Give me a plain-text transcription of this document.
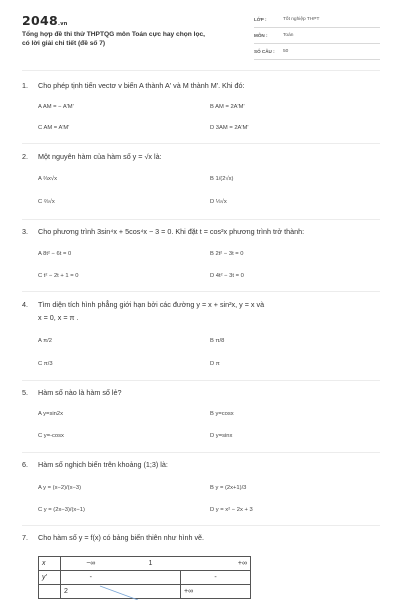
2048.vn
Tổng hợp đề thi thử THPTQG môn Toán cực hay chọn lọc,
có lời giải chi tiết (đề số 7)
LỚP :	Tốt nghiệp THPT
MÔN :	Toán
SỐ CÂU : 50
1. Cho phép tịnh tiến vectơ v biến A thành A' và M thành M'. Khi đó:
A AM = − A'M'	B AM = 2A'M'
C AM = A'M'	D 3AM = 2A'M'
2. Một nguyên hàm của hàm số y = √x là:
A ⅔x√x	B 1/(2√x)
C ⅔√x	D ⅓√x
3. Cho phương trình 3sin⁴x + 5cos⁴x − 3 = 0. Khi đặt t = cos²x phương trình trở thành:
A 8t² − 6t = 0	B 2t² − 3t = 0
C t² − 2t + 1 = 0	D 4t² − 3t = 0
4. Tìm diện tích hình phẳng giới hạn bởi các đường y = x + sin²x, y = x và
x = 0, x = π .
A π/2	B π/8
C π/3	D π
5. Hàm số nào là hàm số lẻ?
A y=sin2x	B y=cosx
C y=-cosx	D y=sinx
6. Hàm số nghịch biến trên khoảng (1;3) là:
A y = (x−2)/(x−3)	B y = (2x+1)/3
C y = (2x−3)/(x−1)	D y = x² − 2x + 3
7. Cho hàm số y = f(x) có bảng biến thiên như hình vẽ.
x	−∞	1	+∞
y'	-		-
	2		+∞
